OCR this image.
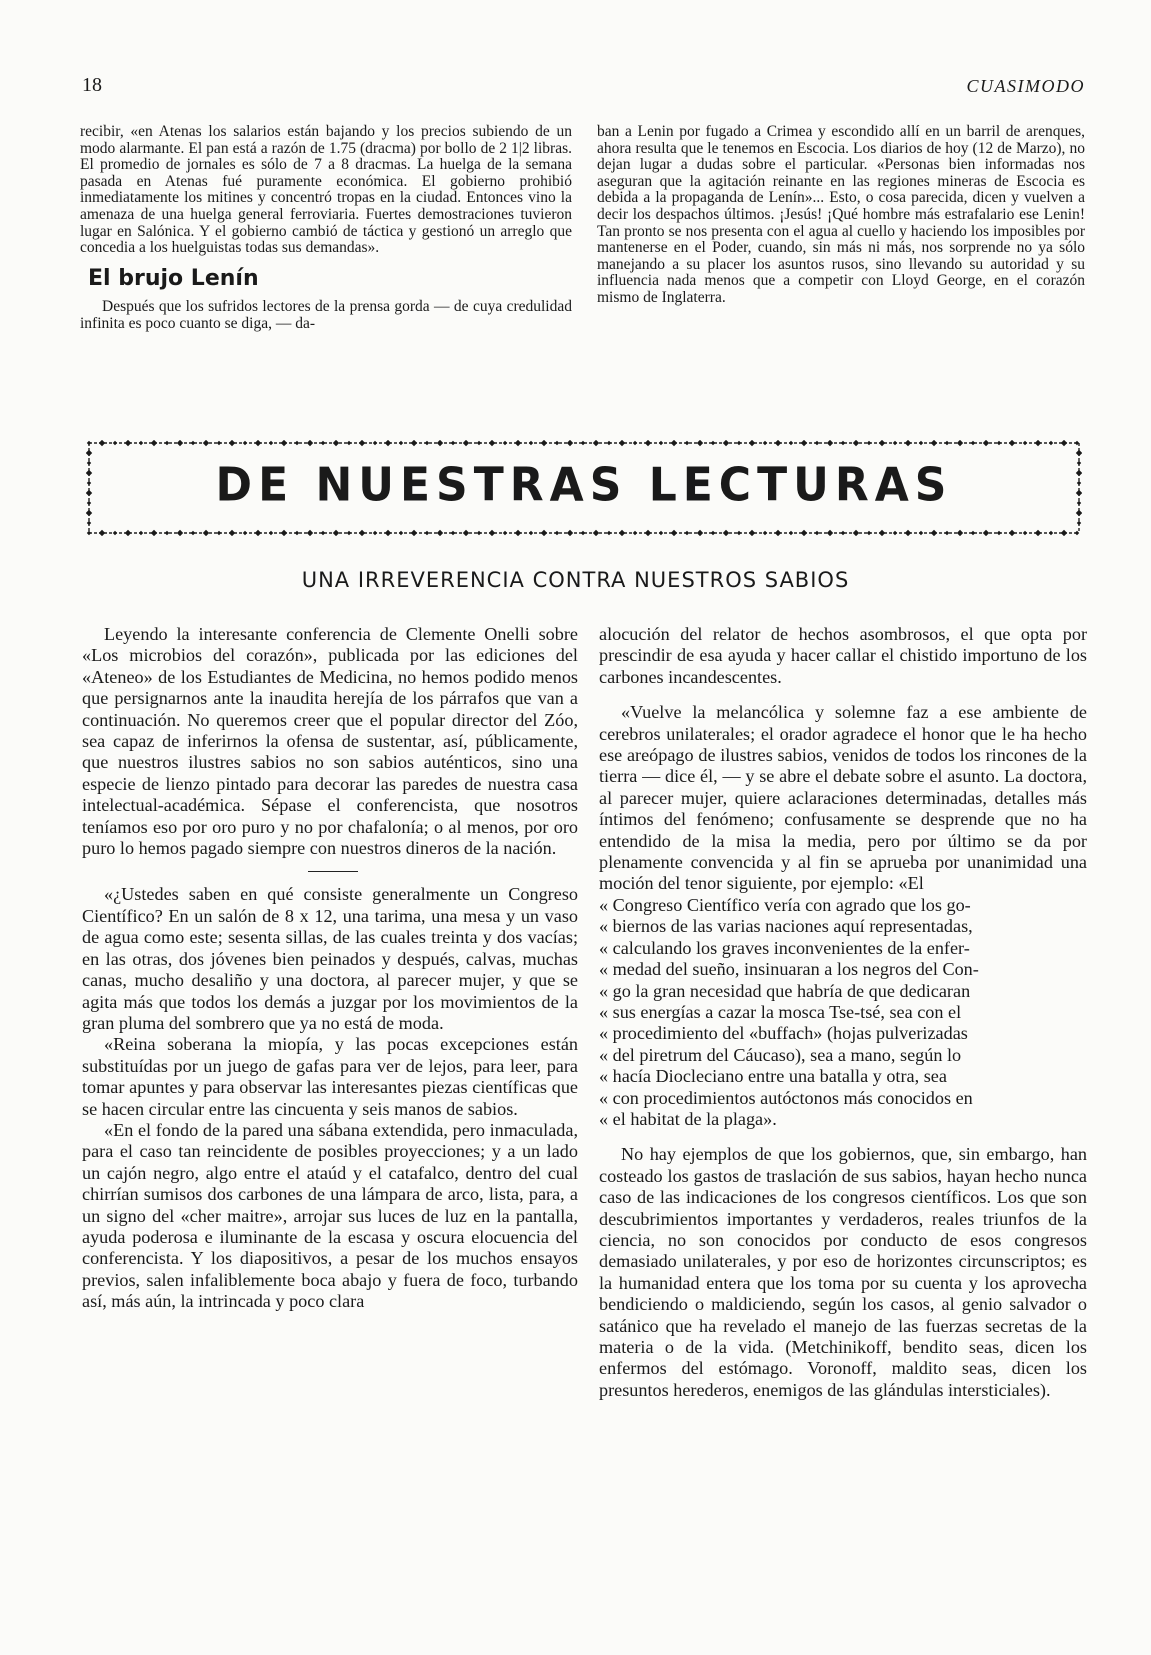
18	CUASIMODO

recibir, «en Atenas los salarios están bajando y los precios subiendo de un modo alarmante. El pan está a razón de 1.75 (dracma) por bollo de 2 1|2 libras. El promedio de jornales es sólo de 7 a 8 dracmas. La huelga de la semana pasada en Atenas fué puramente económica. El gobierno prohibió inmediatamente los mitines y concentró tropas en la ciudad. Entonces vino la amenaza de una huelga general ferroviaria. Fuertes demostraciones tuvieron lugar en Salónica. Y el gobierno cambió de táctica y gestionó un arreglo que concedia a los huelguistas todas sus demandas».

El brujo Lenín

Después que los sufridos lectores de la prensa gorda — de cuya credulidad infinita es poco cuanto se diga, — da-

ban a Lenin por fugado a Crimea y escondido allí en un barril de arenques, ahora resulta que le tenemos en Escocia. Los diarios de hoy (12 de Marzo), no dejan lugar a dudas sobre el particular. «Personas bien informadas nos aseguran que la agitación reinante en las regiones mineras de Escocia es debida a la propaganda de Lenín»... Esto, o cosa parecida, dicen y vuelven a decir los despachos últimos. ¡Jesús! ¡Qué hombre más estrafalario ese Lenin! Tan pronto se nos presenta con el agua al cuello y haciendo los imposibles por mantenerse en el Poder, cuando, sin más ni más, nos sorprende no ya sólo manejando a su placer los asuntos rusos, sino llevando su autoridad y su influencia nada menos que a competir con Lloyd George, en el corazón mismo de Inglaterra.

DE NUESTRAS LECTURAS
UNA IRREVERENCIA CONTRA NUESTROS SABIOS

Leyendo la interesante conferencia de Clemente Onelli sobre «Los microbios del corazón», publicada por las ediciones del «Ateneo» de los Estudiantes de Medicina, no hemos podido menos que persignarnos ante la inaudita herejía de los párrafos que van a continuación. No queremos creer que el popular director del Zóo, sea capaz de inferirnos la ofensa de sustentar, así, públicamente, que nuestros ilustres sabios no son sabios auténticos, sino una especie de lienzo pintado para decorar las paredes de nuestra casa intelectual-académica. Sépase el conferencista, que nosotros teníamos eso por oro puro y no por chafalonía; o al menos, por oro puro lo hemos pagado siempre con nuestros dineros de la nación.

«¿Ustedes saben en qué consiste generalmente un Congreso Científico? En un salón de 8 x 12, una tarima, una mesa y un vaso de agua como este; sesenta sillas, de las cuales treinta y dos vacías; en las otras, dos jóvenes bien peinados y después, calvas, muchas canas, mucho desaliño y una doctora, al parecer mujer, y que se agita más que todos los demás a juzgar por los movimientos de la gran pluma del sombrero que ya no está de moda.

«Reina soberana la miopía, y las pocas excepciones están substituídas por un juego de gafas para ver de lejos, para leer, para tomar apuntes y para observar las interesantes piezas científicas que se hacen circular entre las cincuenta y seis manos de sabios.

«En el fondo de la pared una sábana extendida, pero inmaculada, para el caso tan reincidente de posibles proyecciones; y a un lado un cajón negro, algo entre el ataúd y el catafalco, dentro del cual chirrían sumisos dos carbones de una lámpara de arco, lista, para, a un signo del «cher maitre», arrojar sus luces de luz en la pantalla, ayuda poderosa e iluminante de la escasa y oscura elocuencia del conferencista. Y los diapositivos, a pesar de los muchos ensayos previos, salen infaliblemente boca abajo y fuera de foco, turbando así, más aún, la intrincada y poco clara

alocución del relator de hechos asombrosos, el que opta por prescindir de esa ayuda y hacer callar el chistido importuno de los carbones incandescentes.

«Vuelve la melancólica y solemne faz a ese ambiente de cerebros unilaterales; el orador agradece el honor que le ha hecho ese areópago de ilustres sabios, venidos de todos los rincones de la tierra — dice él, — y se abre el debate sobre el asunto. La doctora, al parecer mujer, quiere aclaraciones determinadas, detalles más íntimos del fenómeno; confusamente se desprende que no ha entendido de la misa la media, pero por último se da por plenamente convencida y al fin se aprueba por unanimidad una moción del tenor siguiente, por ejemplo: «El

« Congreso Científico vería con agrado que los go-

« biernos de las varias naciones aquí representadas,

« calculando los graves inconvenientes de la enfer-

« medad del sueño, insinuaran a los negros del Con-

« go la gran necesidad que habría de que dedicaran

« sus energías a cazar la mosca Tse-tsé, sea con el

« procedimiento del «buffach» (hojas pulverizadas

« del piretrum del Cáucaso), sea a mano, según lo

« hacía Diocleciano entre una batalla y otra, sea

« con procedimientos autóctonos más conocidos en

« el habitat de la plaga».

No hay ejemplos de que los gobiernos, que, sin embargo, han costeado los gastos de traslación de sus sabios, hayan hecho nunca caso de las indicaciones de los congresos científicos. Los que son descubrimientos importantes y verdaderos, reales triunfos de la ciencia, no son conocidos por conducto de esos congresos demasiado unilaterales, y por eso de horizontes circunscriptos; es la humanidad entera que los toma por su cuenta y los aprovecha bendiciendo o maldiciendo, según los casos, al genio salvador o satánico que ha revelado el manejo de las fuerzas secretas de la materia o de la vida. (Metchinikoff, bendito seas, dicen los enfermos del estómago. Voronoff, maldito seas, dicen los presuntos herederos, enemigos de las glándulas intersticiales).
